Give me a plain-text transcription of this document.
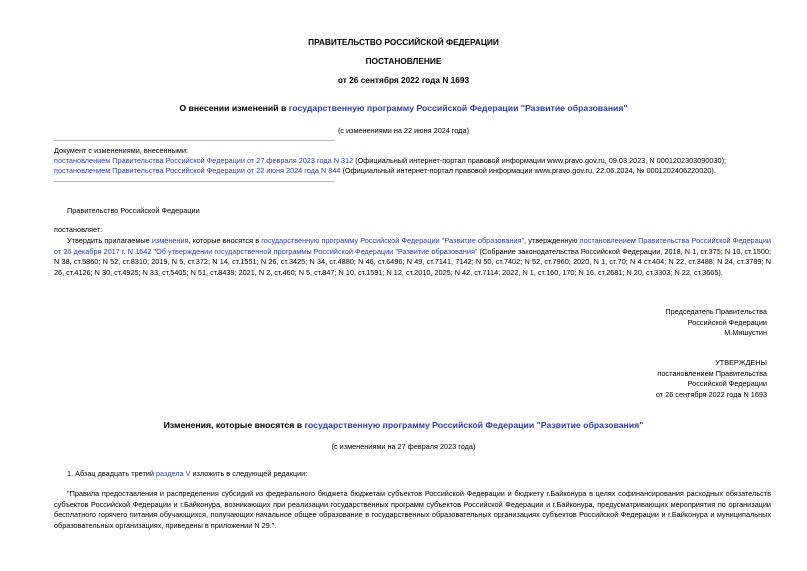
ПРАВИТЕЛЬСТВО РОССИЙСКОЙ ФЕДЕРАЦИИ
ПОСТАНОВЛЕНИЕ
от 26 сентября 2022 года N 1693
О внесении изменений в государственную программу Российской Федерации "Развитие образования"
(с изменениями на 22 июня 2024 года)
Документ с изменениями, внесенными:
постановлением Правительства Российской Федерации от 27 февраля 2023 года N 312 (Официальный интернет-портал правовой информации www.pravo.gov.ru, 09.03.2023, N 0001202303090030);
постановлением Правительства Российской Федерации от 22 июня 2024 года N 844 (Официальный интернет-портал правовой информации www.pravo.gov.ru, 22.06.2024, № 0001202406220020).
Правительство Российской Федерации
постановляет:
Утвердить прилагаемые изменения, которые вносятся в государственную программу Российской Федерации "Развитие образования", утвержденную постановлением Правительства Российской Федерации от 26 декабря 2017 г. N 1642 "Об утверждении государственной программы Российской Федерации "Развитие образования" (Собрание законодательства Российской Федерации, 2018, N 1, ст.375; N 10, ст.1500; N 38, ст.5860; N 52, ст.8310; 2019, N 5, ст.372; N 14, ст.1551; N 26, ст.3425; N 34, ст.4880; N 46, ст.6496; N 49, ст.7141, 7142; N 50, ст.7402; N 52, ст.7960; 2020, N 1, ст.70; N 4 ст.404; N 22, ст.3488; N 24, ст.3789; N 26, ст.4126; N 30, ст.4925; N 33, ст.5405; N 51, ст.8439; 2021, N 2, ст.460; N 5, ст.847; N 10, ст.1591; N 12, ст.2010, 2025; N 42, ст.7114; 2022, N 1, ст.160, 170; N 16, ст.2681; N 20, ст.3303; N 22, ст.3665).
Председатель Правительства
Российской Федерации
М.Мишустин
УТВЕРЖДЕНЫ
постановлением Правительства
Российской Федерации
от 26 сентября 2022 года N 1693
Изменения, которые вносятся в государственную программу Российской Федерации "Развитие образования"
(с изменениями на 27 февраля 2023 года)
1. Абзац двадцать третий раздела V изложить в следующей редакции:
"Правила предоставления и распределения субсидий из федерального бюджета бюджетам субъектов Российской Федерации и бюджету г.Байконура в целях софинансирования расходных обязательств субъектов Российской Федерации и г.Байконура, возникающих при реализации государственных программ субъектов Российской Федерации и г.Байконура, предусматривающих мероприятия по организации бесплатного горячего питания обучающихся, получающих начальное общее образование в государственных образовательных организациях субъектов Российской Федерации и г.Байконура и муниципальных образовательных организациях, приведены в приложении N 29.".
